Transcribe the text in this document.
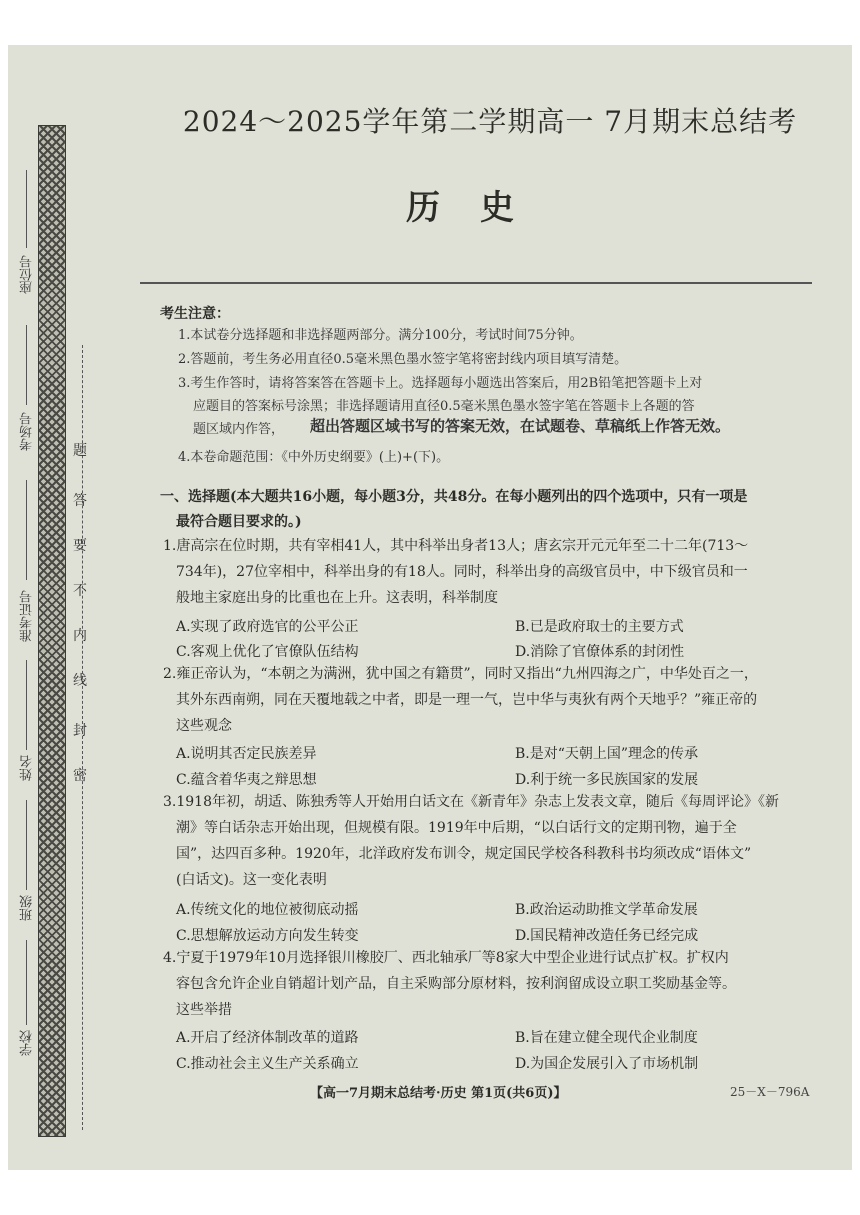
座位号
考场号
准考证号
姓名
班级
学校
题
答
要
不
内
线
封
密
2024～2025学年第二学期高一 7月期末总结考
历史
考生注意：
1.本试卷分选择题和非选择题两部分。满分100分，考试时间75分钟。
2.答题前，考生务必用直径0.5毫米黑色墨水签字笔将密封线内项目填写清楚。
3.考生作答时，请将答案答在答题卡上。选择题每小题选出答案后，用2B铅笔把答题卡上对
应题目的答案标号涂黑；非选择题请用直径0.5毫米黑色墨水签字笔在答题卡上各题的答
题区域内作答， 超出答题区域书写的答案无效，在试题卷、草稿纸上作答无效。
4.本卷命题范围：《中外历史纲要》(上)+(下)。
一、选择题(本大题共16小题，每小题3分，共48分。在每小题列出的四个选项中，只有一项是
最符合题目要求的。)
1.唐高宗在位时期，共有宰相41人，其中科举出身者13人；唐玄宗开元元年至二十二年(713～
734年)，27位宰相中，科举出身的有18人。同时，科举出身的高级官员中，中下级官员和一
般地主家庭出身的比重也在上升。这表明，科举制度
A.实现了政府选官的公平公正	B.已是政府取士的主要方式
C.客观上优化了官僚队伍结构	D.消除了官僚体系的封闭性
2.雍正帝认为，“本朝之为满洲，犹中国之有籍贯”，同时又指出“九州四海之广，中华处百之一，
其外东西南朔，同在天覆地载之中者，即是一理一气，岂中华与夷狄有两个天地乎？”雍正帝的
这些观念
A.说明其否定民族差异	B.是对“天朝上国”理念的传承
C.蕴含着华夷之辩思想	D.利于统一多民族国家的发展
3.1918年初，胡适、陈独秀等人开始用白话文在《新青年》杂志上发表文章，随后《每周评论》《新
潮》等白话杂志开始出现，但规模有限。1919年中后期，“以白话行文的定期刊物，遍于全
国”，达四百多种。1920年，北洋政府发布训令，规定国民学校各科教科书均须改成“语体文”
(白话文)。这一变化表明
A.传统文化的地位被彻底动摇	B.政治运动助推文学革命发展
C.思想解放运动方向发生转变	D.国民精神改造任务已经完成
4.宁夏于1979年10月选择银川橡胶厂、西北轴承厂等8家大中型企业进行试点扩权。扩权内
容包含允许企业自销超计划产品，自主采购部分原材料，按利润留成设立职工奖励基金等。
这些举措
A.开启了经济体制改革的道路	B.旨在建立健全现代企业制度
C.推动社会主义生产关系确立	D.为国企发展引入了市场机制
【高一7月期末总结考·历史 第1页(共6页)】	25－X－796A
